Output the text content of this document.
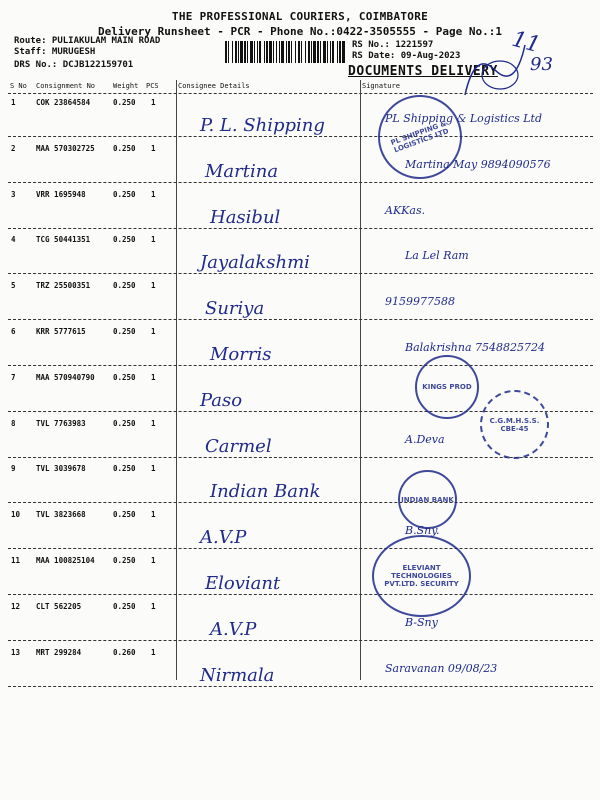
THE PROFESSIONAL COURIERS, COIMBATORE
Delivery Runsheet - PCR - Phone No.:0422-3505555 - Page No.:1
Route: PULIAKULAM MAIN ROAD
Staff: MURUGESH
DRS No.: DCJB122159701
RS No.: 1221597
RS Date: 09-Aug-2023
DOCUMENTS DELIVERY
11
93
S No Consignment No	Weight PCS	Consignee Details	Signature
1	COK 23864584	0.250 1
P. L. Shipping	PL Shipping & Logistics Ltd
2	MAA 570302725 0.250 1
Martina	Martina May 9894090576
3	VRR 1695948	0.250 1
Hasibul	AKKas.
4	TCG 50441351	0.250 1
Jayalakshmi	La Lel Ram
5	TRZ 25500351	0.250 1
Suriya	9159977588
6	KRR 5777615	0.250 1
Morris	Balakrishna 7548825724
7	MAA 570940790 0.250 1
Paso
8	TVL 7763983	0.250 1
Carmel	A.Deva
9	TVL 3039678	0.250 1
Indian Bank
10 TVL 3823668	0.250 1
A.V.P	B.Sny.
11 MAA 100825104 0.250 1
Eloviant
12 CLT 562205	0.250 1
A.V.P	B-Sny
13 MRT 299284	0.260 1
Nirmala	Saravanan 09/08/23
PL SHIPPING & LOGISTICS LTD
KINGS PROD
C.G.M.H.S.S. CBE-45
INDIAN BANK
ELEVIANT TECHNOLOGIES PVT.LTD. SECURITY
